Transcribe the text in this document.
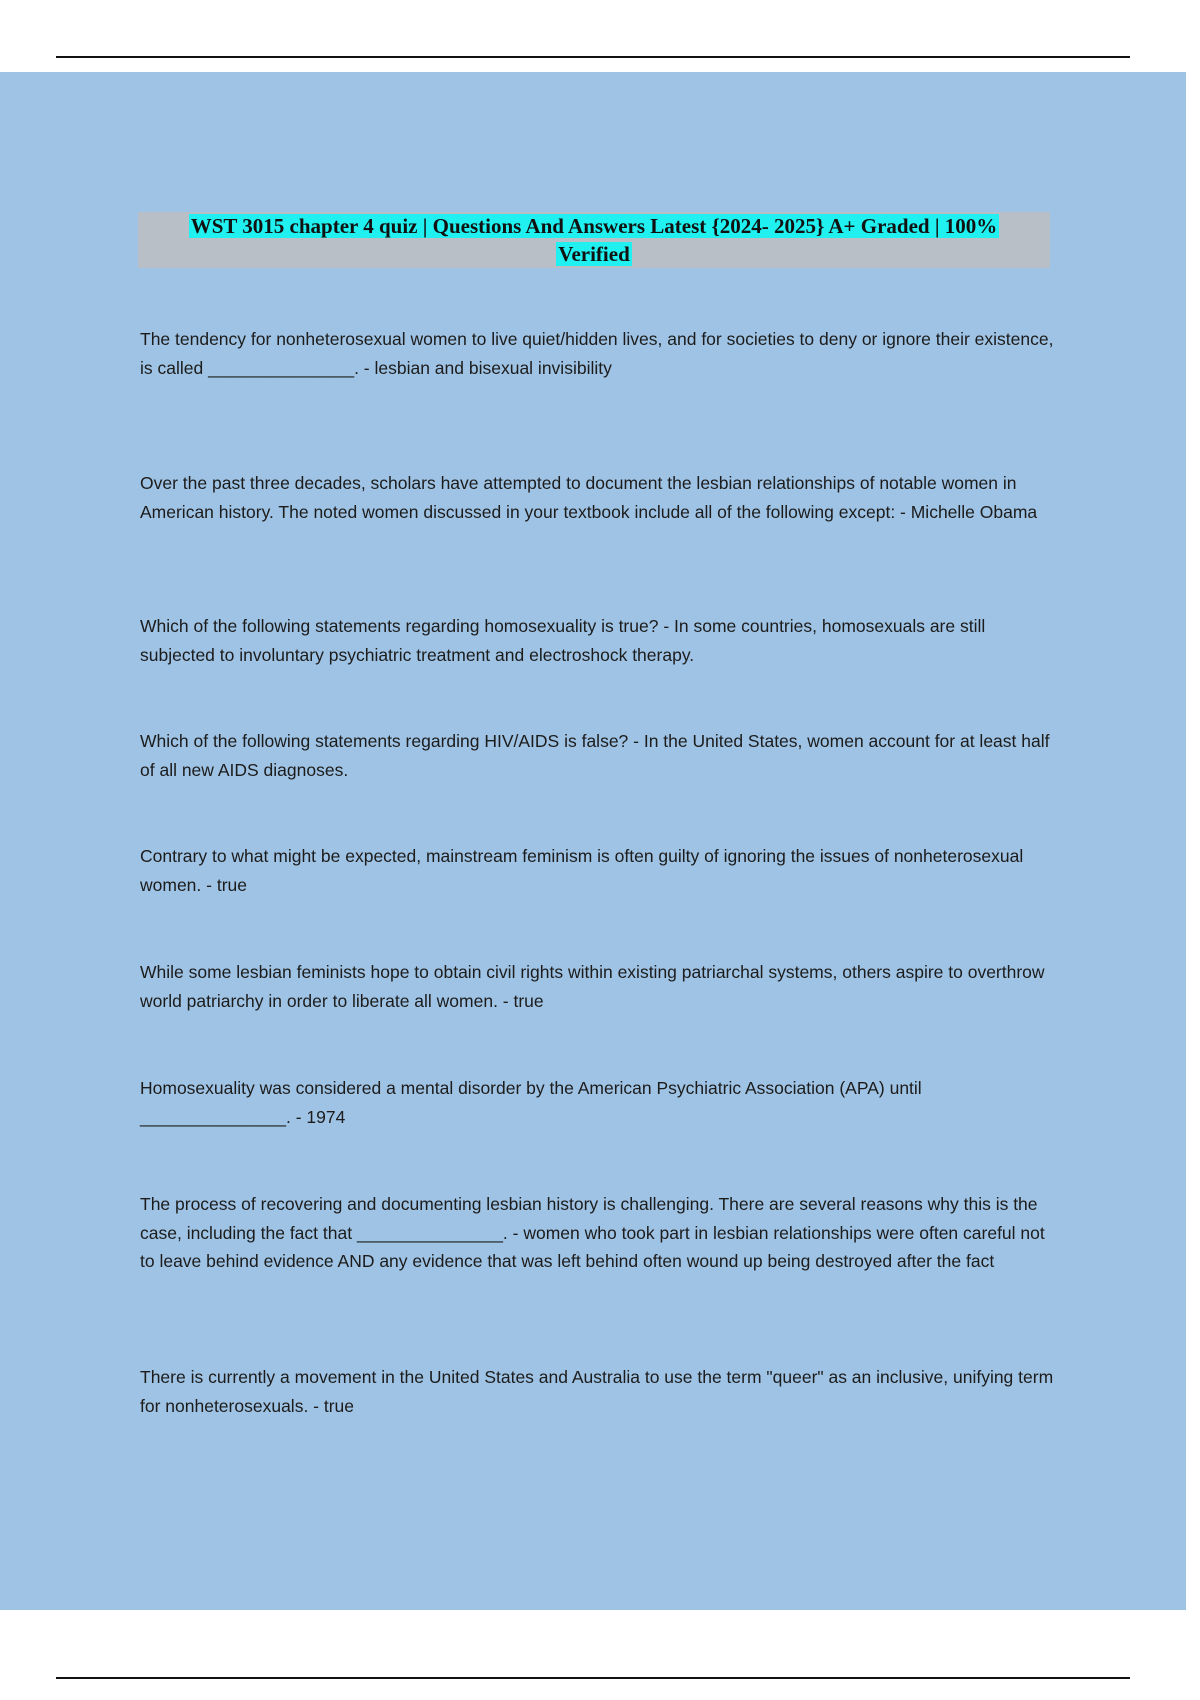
WST 3015 chapter 4 quiz | Questions And Answers Latest {2024- 2025} A+ Graded | 100%
Verified
The tendency for nonheterosexual women to live quiet/hidden lives, and for societies to deny or ignore their existence, is called _______________. - lesbian and bisexual invisibility
Over the past three decades, scholars have attempted to document the lesbian relationships of notable women in American history. The noted women discussed in your textbook include all of the following except: - Michelle Obama
Which of the following statements regarding homosexuality is true? - In some countries, homosexuals are still subjected to involuntary psychiatric treatment and electroshock therapy.
Which of the following statements regarding HIV/AIDS is false? - In the United States, women account for at least half of all new AIDS diagnoses.
Contrary to what might be expected, mainstream feminism is often guilty of ignoring the issues of nonheterosexual women. - true
While some lesbian feminists hope to obtain civil rights within existing patriarchal systems, others aspire to overthrow world patriarchy in order to liberate all women. - true
Homosexuality was considered a mental disorder by the American Psychiatric Association (APA) until _______________. - 1974
The process of recovering and documenting lesbian history is challenging. There are several reasons why this is the case, including the fact that _______________. - women who took part in lesbian relationships were often careful not to leave behind evidence AND any evidence that was left behind often wound up being destroyed after the fact
There is currently a movement in the United States and Australia to use the term "queer" as an inclusive, unifying term for nonheterosexuals. - true
